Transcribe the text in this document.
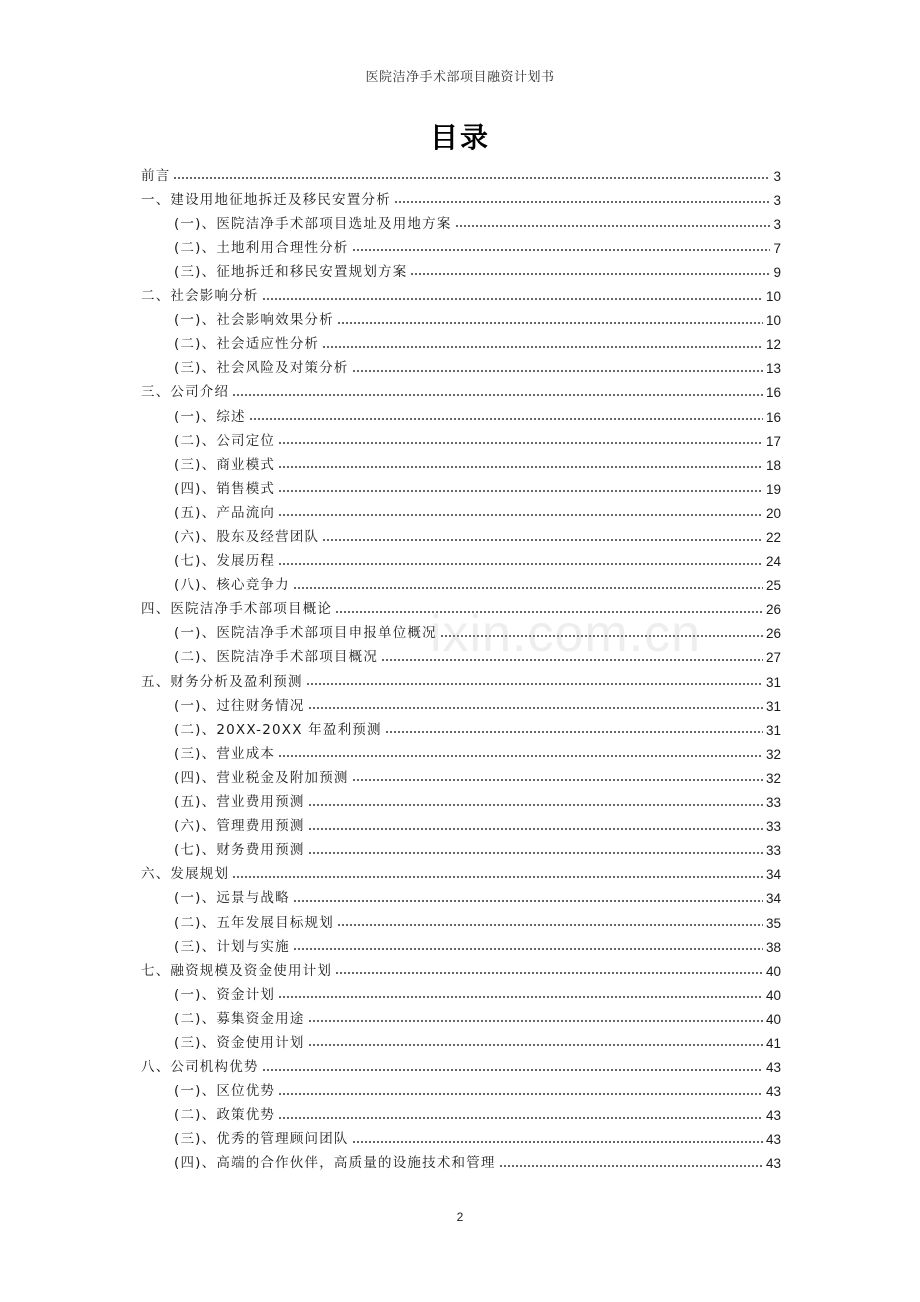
医院洁净手术部项目融资计划书
目录
前言	3
一、建设用地征地拆迁及移民安置分析	3
(一)、医院洁净手术部项目选址及用地方案	3
(二)、土地利用合理性分析	7
(三)、征地拆迁和移民安置规划方案	9
二、社会影响分析	10
(一)、社会影响效果分析	10
(二)、社会适应性分析	12
(三)、社会风险及对策分析	13
三、公司介绍	16
(一)、综述	16
(二)、公司定位	17
(三)、商业模式	18
(四)、销售模式	19
(五)、产品流向	20
(六)、股东及经营团队	22
(七)、发展历程	24
(八)、核心竞争力	25
四、医院洁净手术部项目概论	26
(一)、医院洁净手术部项目申报单位概况	26
(二)、医院洁净手术部项目概况	27
五、财务分析及盈利预测	31
(一)、过往财务情况	31
(二)、20XX-20XX 年盈利预测	31
(三)、营业成本	32
(四)、营业税金及附加预测	32
(五)、营业费用预测	33
(六)、管理费用预测	33
(七)、财务费用预测	33
六、发展规划	34
(一)、远景与战略	34
(二)、五年发展目标规划	35
(三)、计划与实施	38
七、融资规模及资金使用计划	40
(一)、资金计划	40
(二)、募集资金用途	40
(三)、资金使用计划	41
八、公司机构优势	43
(一)、区位优势	43
(二)、政策优势	43
(三)、优秀的管理顾问团队	43
(四)、高端的合作伙伴，高质量的设施技术和管理	43
ixin.com.cn
2
